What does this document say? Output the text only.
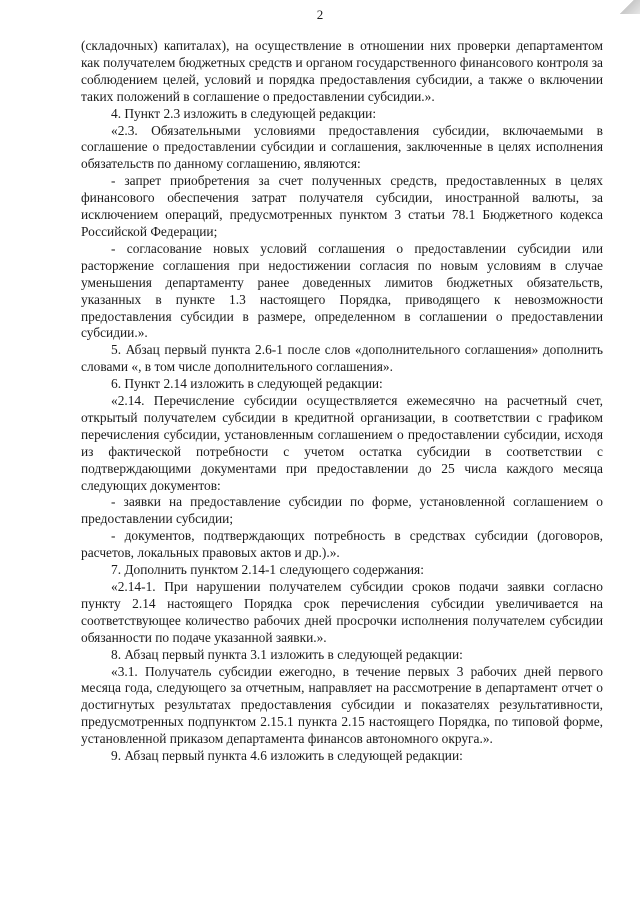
2

(складочных) капиталах), на осуществление в отношении них проверки департаментом как получателем бюджетных средств и органом государственного финансового контроля за соблюдением целей, условий и порядка предоставления субсидии, а также о включении таких положений в соглашение о предоставлении субсидии.».

4. Пункт 2.3 изложить в следующей редакции:

«2.3. Обязательными условиями предоставления субсидии, включаемыми в соглашение о предоставлении субсидии и соглашения, заключенные в целях исполнения обязательств по данному соглашению, являются:

- запрет приобретения за счет полученных средств, предоставленных в целях финансового обеспечения затрат получателя субсидии, иностранной валюты, за исключением операций, предусмотренных пунктом 3 статьи 78.1 Бюджетного кодекса Российской Федерации;

- согласование новых условий соглашения о предоставлении субсидии или расторжение соглашения при недостижении согласия по новым условиям в случае уменьшения департаменту ранее доведенных лимитов бюджетных обязательств, указанных в пункте 1.3 настоящего Порядка, приводящего к невозможности предоставления субсидии в размере, определенном в соглашении о предоставлении субсидии.».

5. Абзац первый пункта 2.6-1 после слов «дополнительного соглашения» дополнить словами «, в том числе дополнительного соглашения».

6. Пункт 2.14 изложить в следующей редакции:

«2.14. Перечисление субсидии осуществляется ежемесячно на расчетный счет, открытый получателем субсидии в кредитной организации, в соответствии с графиком перечисления субсидии, установленным соглашением о предоставлении субсидии, исходя из фактической потребности с учетом остатка субсидии в соответствии с подтверждающими документами при предоставлении до 25 числа каждого месяца следующих документов:

- заявки на предоставление субсидии по форме, установленной соглашением о предоставлении субсидии;

- документов, подтверждающих потребность в средствах субсидии (договоров, расчетов, локальных правовых актов и др.).».

7. Дополнить пунктом 2.14-1 следующего содержания:

«2.14-1. При нарушении получателем субсидии сроков подачи заявки согласно пункту 2.14 настоящего Порядка срок перечисления субсидии увеличивается на соответствующее количество рабочих дней просрочки исполнения получателем субсидии обязанности по подаче указанной заявки.».

8. Абзац первый пункта 3.1 изложить в следующей редакции:

«3.1. Получатель субсидии ежегодно, в течение первых 3 рабочих дней первого месяца года, следующего за отчетным, направляет на рассмотрение в департамент отчет о достигнутых результатах предоставления субсидии и показателях результативности, предусмотренных подпунктом 2.15.1 пункта 2.15 настоящего Порядка, по типовой форме, установленной приказом департамента финансов автономного округа.».

9. Абзац первый пункта 4.6 изложить в следующей редакции:
